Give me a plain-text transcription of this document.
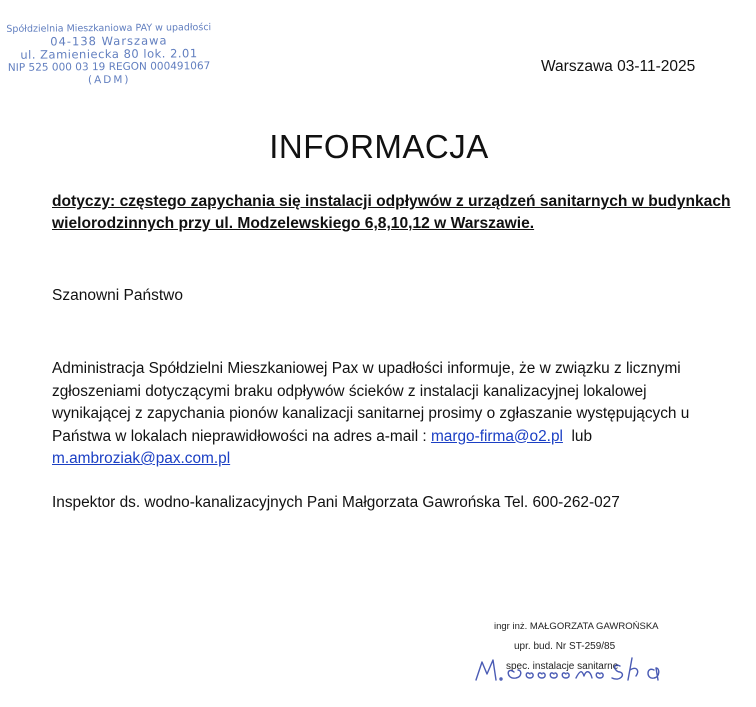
Spółdzielnia Mieszkaniowa PAY w upadłości
04-138 Warszawa
ul. Zamieniecka 80 lok. 2.01
NIP 525 000 03 19 REGON 000491067
(ADM)
Warszawa 03-11-2025
INFORMACJA
dotyczy: częstego zapychania się instalacji odpływów z urządzeń sanitarnych w budynkach
wielorodzinnych przy ul. Modzelewskiego 6,8,10,12 w Warszawie.
Szanowni Państwo
Administracja Spółdzielni Mieszkaniowej Pax w upadłości informuje, że w związku z licznymi
zgłoszeniami dotyczącymi braku odpływów ścieków z instalacji kanalizacyjnej lokalowej
wynikającej z zapychania pionów kanalizacji sanitarnej prosimy o zgłaszanie występujących u
Państwa w lokalach nieprawidłowości na adres a-mail : margo-firma@o2.pl  lub
m.ambroziak@pax.com.pl
Inspektor ds. wodno-kanalizacyjnych Pani Małgorzata Gawrońska Tel. 600-262-027
ingr inż. MAŁGORZATA GAWROŃSKA
upr. bud. Nr ST-259/85
spec. instalacje sanitarne
